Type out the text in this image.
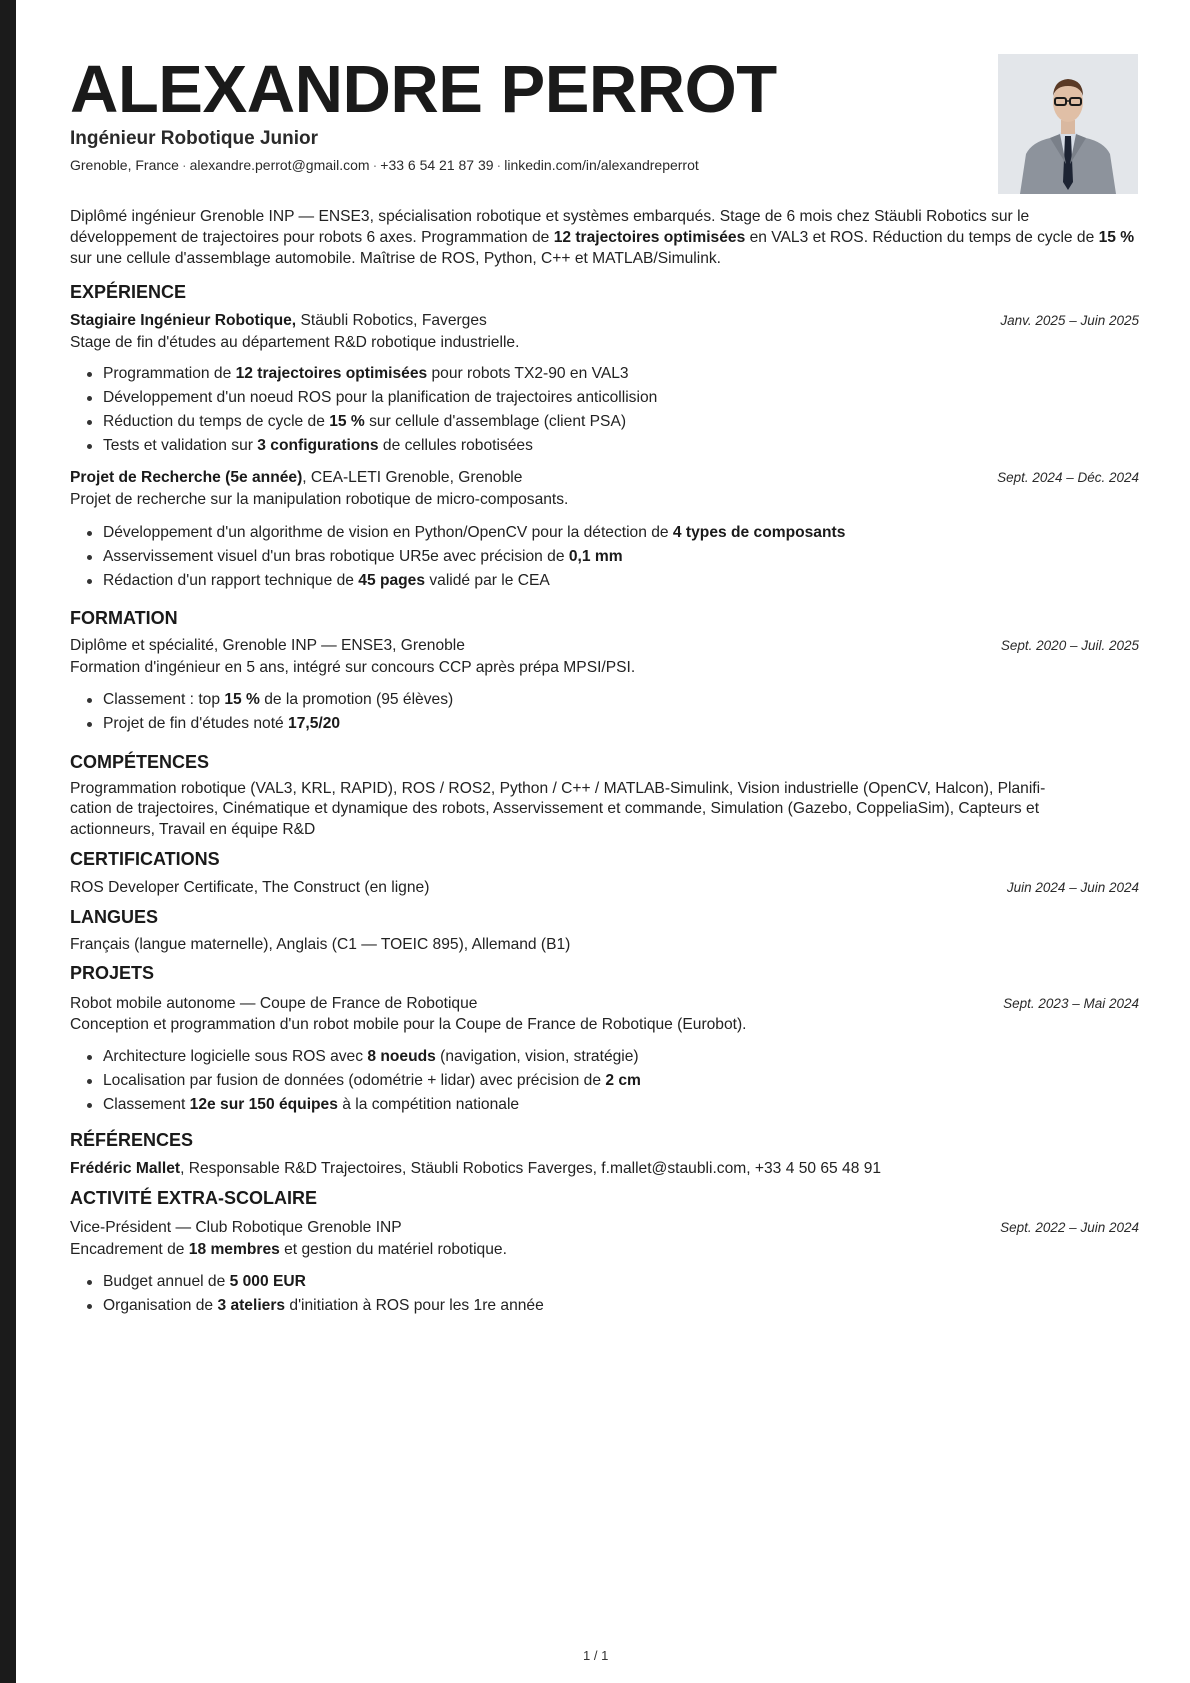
ALEXANDRE PERROT
Ingénieur Robotique Junior
Grenoble, France · alexandre.perrot@gmail.com · +33 6 54 21 87 39 · linkedin.com/in/alexandreperrot
Diplômé ingénieur Grenoble INP — ENSE3, spécialisation robotique et systèmes embarqués. Stage de 6 mois chez Stäubli Robotics sur le développement de trajectoires pour robots 6 axes. Programmation de 12 trajectoires optimisées en VAL3 et ROS. Réduction du temps de cycle de 15 % sur une cellule d'assemblage automobile. Maîtrise de ROS, Python, C++ et MATLAB/Simulink.
EXPÉRIENCE
Stagiaire Ingénieur Robotique, Stäubli Robotics, Faverges	Janv. 2025 – Juin 2025
Stage de fin d'études au département R&D robotique industrielle.
Programmation de 12 trajectoires optimisées pour robots TX2-90 en VAL3
Développement d'un noeud ROS pour la planification de trajectoires anticollision
Réduction du temps de cycle de 15 % sur cellule d'assemblage (client PSA)
Tests et validation sur 3 configurations de cellules robotisées
Projet de Recherche (5e année), CEA-LETI Grenoble, Grenoble	Sept. 2024 – Déc. 2024
Projet de recherche sur la manipulation robotique de micro-composants.
Développement d'un algorithme de vision en Python/OpenCV pour la détection de 4 types de composants
Asservissement visuel d'un bras robotique UR5e avec précision de 0,1 mm
Rédaction d'un rapport technique de 45 pages validé par le CEA
FORMATION
Diplôme et spécialité, Grenoble INP — ENSE3, Grenoble	Sept. 2020 – Juil. 2025
Formation d'ingénieur en 5 ans, intégré sur concours CCP après prépa MPSI/PSI.
Classement : top 15 % de la promotion (95 élèves)
Projet de fin d'études noté 17,5/20
COMPÉTENCES
Programmation robotique (VAL3, KRL, RAPID), ROS / ROS2, Python / C++ / MATLAB-Simulink, Vision industrielle (OpenCV, Halcon), Planifi-
cation de trajectoires, Cinématique et dynamique des robots, Asservissement et commande, Simulation (Gazebo, CoppeliaSim), Capteurs et
actionneurs, Travail en équipe R&D
CERTIFICATIONS
ROS Developer Certificate, The Construct (en ligne)	Juin 2024 – Juin 2024
LANGUES
Français (langue maternelle), Anglais (C1 — TOEIC 895), Allemand (B1)
PROJETS
Robot mobile autonome — Coupe de France de Robotique	Sept. 2023 – Mai 2024
Conception et programmation d'un robot mobile pour la Coupe de France de Robotique (Eurobot).
Architecture logicielle sous ROS avec 8 noeuds (navigation, vision, stratégie)
Localisation par fusion de données (odométrie + lidar) avec précision de 2 cm
Classement 12e sur 150 équipes à la compétition nationale
RÉFÉRENCES
Frédéric Mallet, Responsable R&D Trajectoires, Stäubli Robotics Faverges, f.mallet@staubli.com, +33 4 50 65 48 91
ACTIVITÉ EXTRA-SCOLAIRE
Vice-Président — Club Robotique Grenoble INP	Sept. 2022 – Juin 2024
Encadrement de 18 membres et gestion du matériel robotique.
Budget annuel de 5 000 EUR
Organisation de 3 ateliers d'initiation à ROS pour les 1re année
1 / 1
